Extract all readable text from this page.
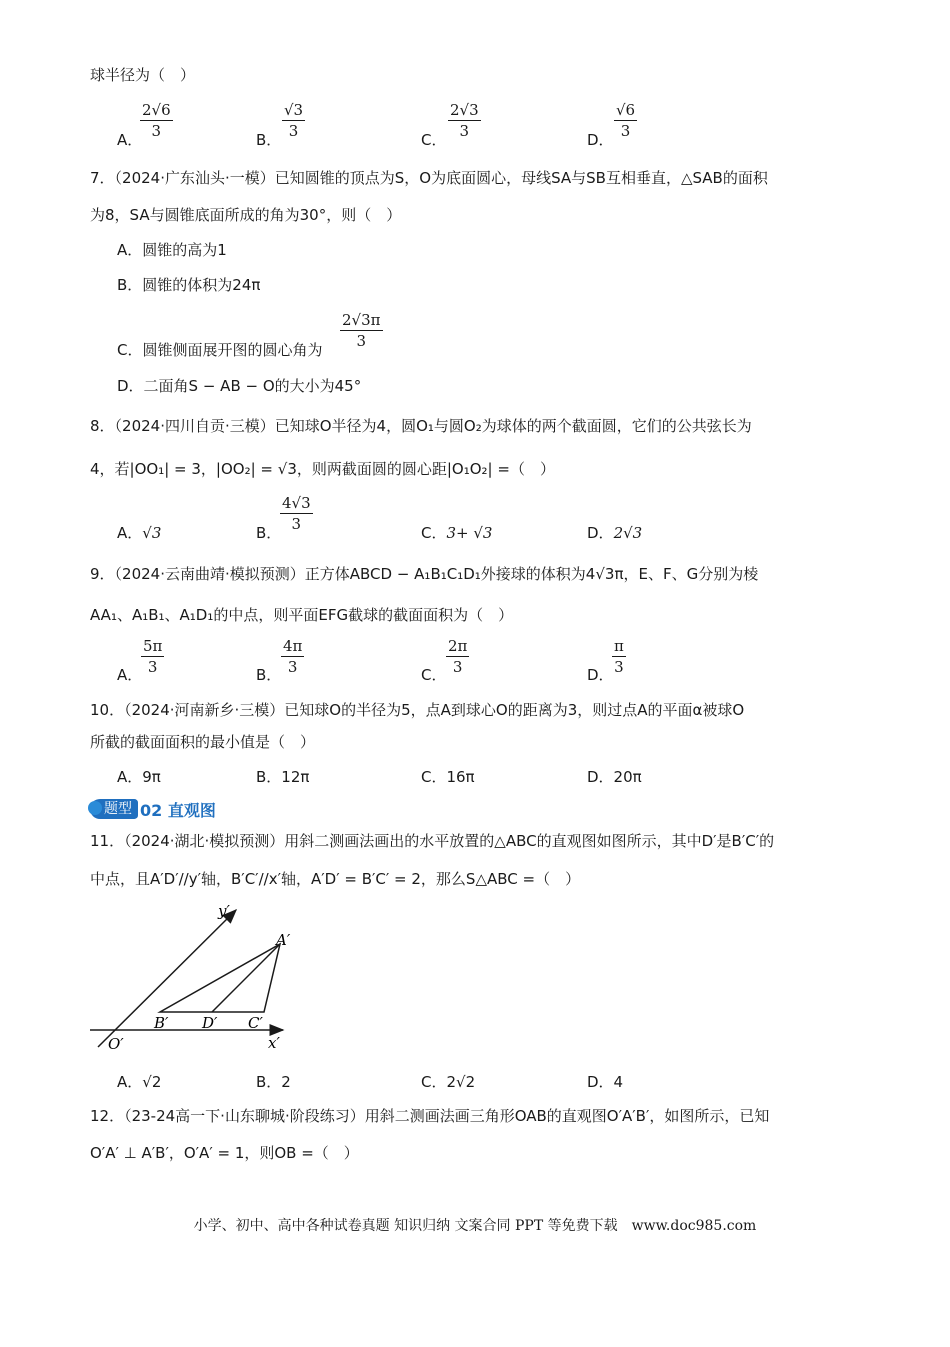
球半径为（　）
A．
$\frac{2√6}{3}$	B． $\frac{√3}{3}$	C． $\frac{2√3}{3}$	D． $\frac{√6}{3}$
7．（2024·广东汕头·一模）已知圆锥的顶点为S，O为底面圆心，母线SA与SB互相垂直，△SAB的面积
为8，SA与圆锥底面所成的角为30°，则（　）
A．圆锥的高为1
B．圆锥的体积为24π
C．圆锥侧面展开图的圆心角为 $\frac{2√3\pi}{3}$
D．二面角S − AB − O的大小为45°
8．（2024·四川自贡·三模）已知球O半径为4，圆O₁与圆O₂为球体的两个截面圆，它们的公共弦长为
4，若|OO₁| = 3，|OO₂| = √3，则两截面圆的圆心距|O₁O₂| =（　）
A．√3	B．
$\frac{4√3}{3}$	C．3+ √3	D．2√3
9．（2024·云南曲靖·模拟预测）正方体ABCD − A₁B₁C₁D₁外接球的体积为4√3π，E、F、G分别为棱
AA₁、A₁B₁、A₁D₁的中点，则平面EFG截球的截面面积为（　）
A．
$\frac{5\pi}{3}$	B． $\frac{4\pi}{3}$	C． $\frac{2\pi}{3}$	D．
$\frac{\pi}{3}$
10．（2024·河南新乡·三模）已知球O的半径为5，点A到球心O的距离为3，则过点A的平面α被球O
所截的截面面积的最小值是（　）
A．9π	B．12π	C．16π	D．20π
题型 02 直观图
11．（2024·湖北·模拟预测）用斜二测画法画出的水平放置的△ABC的直观图如图所示，其中D′是B′C′的
中点，且A′D′//y′轴，B′C′//x′轴，A′D′ = B′C′ = 2，那么S△ABC =（　）
y′
x′
O′
A′
B′ D′ C′
A．√2	B．2	C．2√2	D．4
12．（23-24高一下·山东聊城·阶段练习）用斜二测画法画三角形OAB的直观图O′A′B′，如图所示，已知
O′A′ ⊥ A′B′，O′A′ = 1，则OB =（　）
小学、初中、高中各种试卷真题 知识归纳 文案合同 PPT 等免费下载　www.doc985.com
